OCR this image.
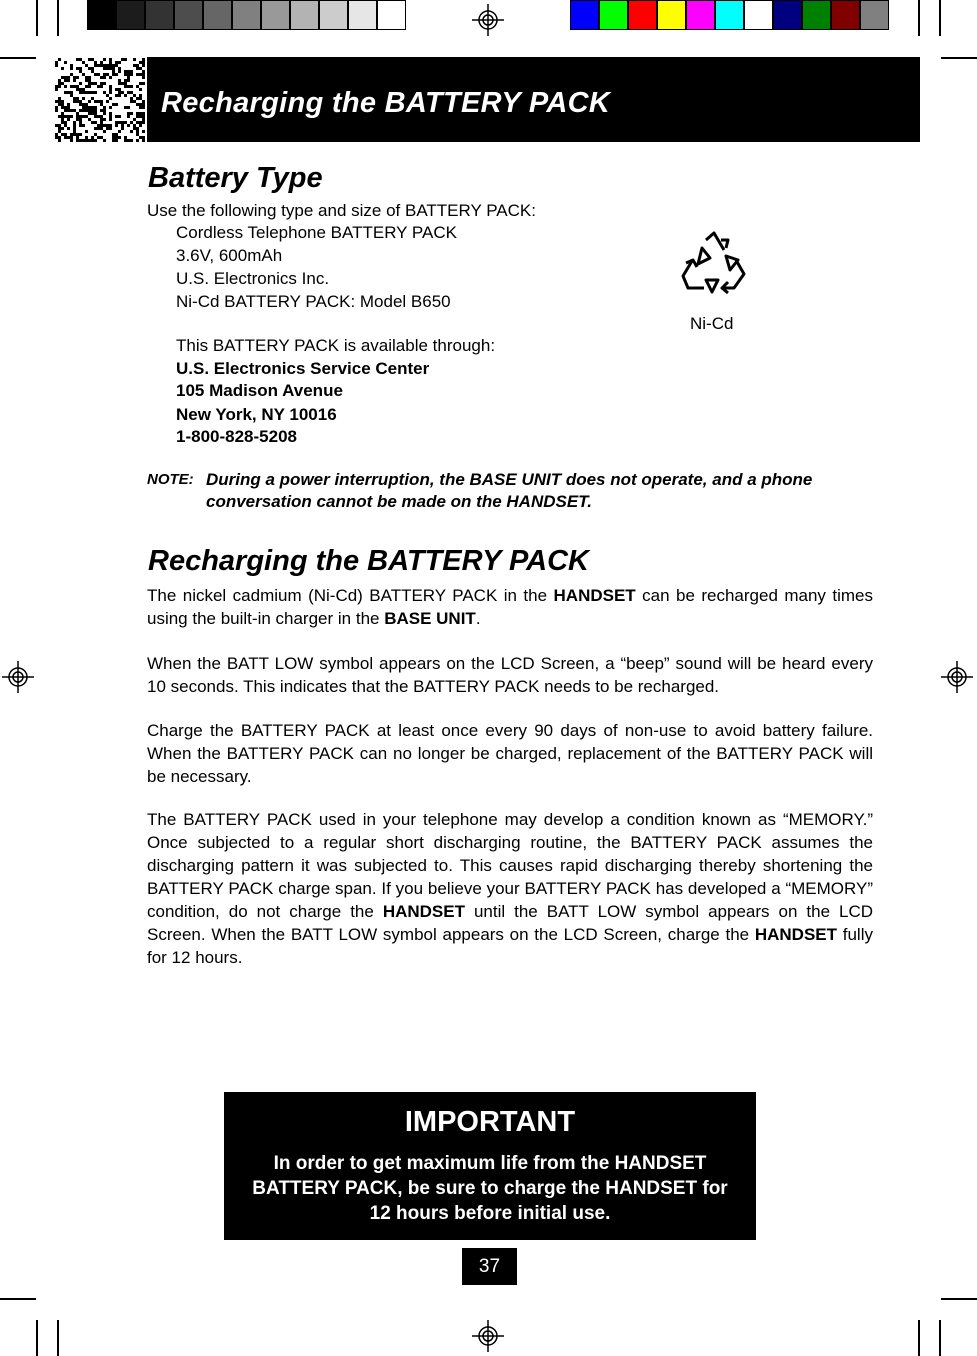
Recharging the BATTERY PACK
Battery Type
Use the following type and size of BATTERY PACK:
Cordless Telephone BATTERY PACK
3.6V, 600mAh
U.S. Electronics Inc.
Ni-Cd BATTERY PACK: Model B650
This BATTERY PACK is available through:
U.S. Electronics Service Center
105 Madison Avenue
New York, NY 10016
1-800-828-5208
Ni-Cd
NOTE: During a power interruption, the BASE UNIT does not operate, and a phone conversation cannot be made on the HANDSET.
Recharging the BATTERY PACK
The nickel cadmium (Ni-Cd) BATTERY PACK in the HANDSET can be recharged many times using the built-in charger in the BASE UNIT.
When the BATT LOW symbol appears on the LCD Screen, a “beep” sound will be heard every 10 seconds. This indicates that the BATTERY PACK needs to be recharged.
Charge the BATTERY PACK at least once every 90 days of non-use to avoid battery failure. When the BATTERY PACK can no longer be charged, replacement of the BATTERY PACK will be necessary.
The BATTERY PACK used in your telephone may develop a condition known as “MEMORY.” Once subjected to a regular short discharging routine, the BATTERY PACK assumes the discharging pattern it was subjected to. This causes rapid discharging thereby shortening the BATTERY PACK charge span. If you believe your BATTERY PACK has developed a “MEMORY” condition, do not charge the HANDSET until the BATT LOW symbol appears on the LCD Screen. When the BATT LOW symbol appears on the LCD Screen, charge the HANDSET fully for 12 hours.
IMPORTANT
In order to get maximum life from the HANDSET BATTERY PACK, be sure to charge the HANDSET for 12 hours before initial use.
37
